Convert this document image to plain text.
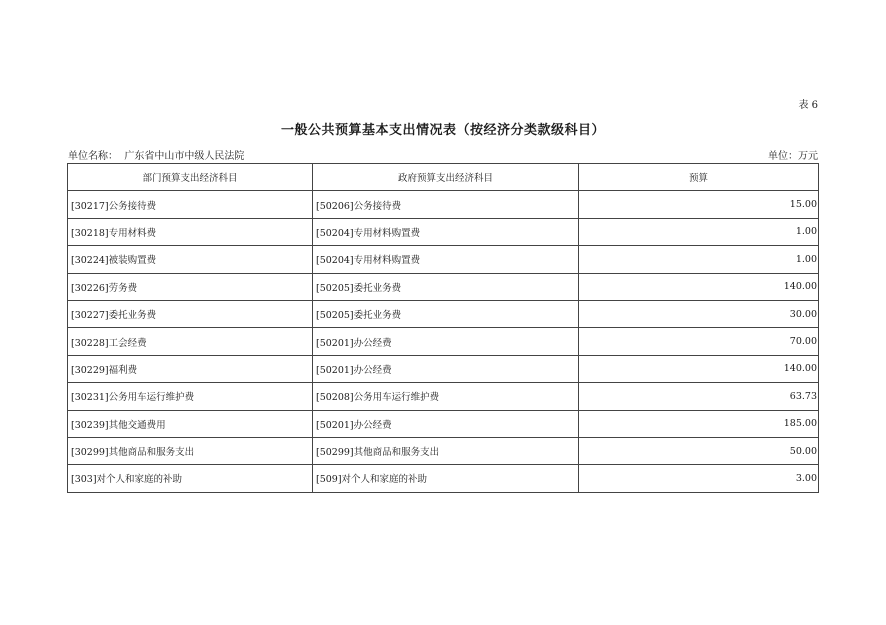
表 6
一般公共预算基本支出情况表（按经济分类款级科目）
单位名称： 广东省中山市中级人民法院	单位：万元
部门预算支出经济科目	政府预算支出经济科目	预算
[30217]公务接待费	[50206]公务接待费	15.00
[30218]专用材料费	[50204]专用材料购置费	1.00
[30224]被装购置费	[50204]专用材料购置费	1.00
[30226]劳务费	[50205]委托业务费	140.00
[30227]委托业务费	[50205]委托业务费	30.00
[30228]工会经费	[50201]办公经费	70.00
[30229]福利费	[50201]办公经费	140.00
[30231]公务用车运行维护费	[50208]公务用车运行维护费	63.73
[30239]其他交通费用	[50201]办公经费	185.00
[30299]其他商品和服务支出	[50299]其他商品和服务支出	50.00
[303]对个人和家庭的补助	[509]对个人和家庭的补助	3.00
